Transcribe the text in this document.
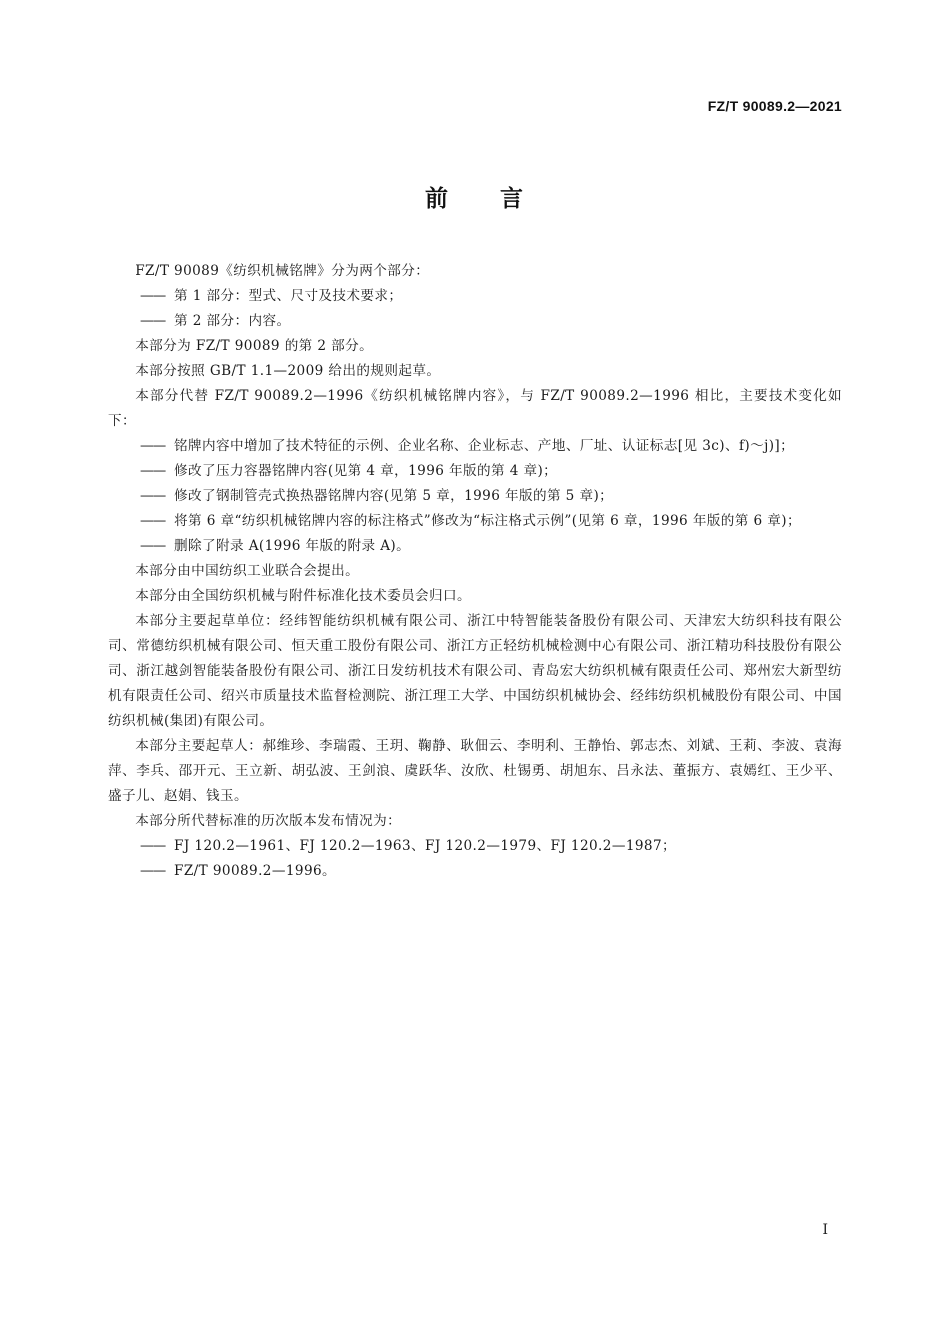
FZ/T 90089.2—2021
前 言

FZ/T 90089《纺织机械铭牌》分为两个部分：

—— 第 1 部分：型式、尺寸及技术要求；

—— 第 2 部分：内容。

本部分为 FZ/T 90089 的第 2 部分。

本部分按照 GB/T 1.1—2009 给出的规则起草。

本部分代替 FZ/T 90089.2—1996《纺织机械铭牌内容》，与 FZ/T 90089.2—1996 相比，主要技术变化如下：

—— 铭牌内容中增加了技术特征的示例、企业名称、企业标志、产地、厂址、认证标志[见 3c)、f)～j)]；

—— 修改了压力容器铭牌内容(见第 4 章，1996 年版的第 4 章)；

—— 修改了钢制管壳式换热器铭牌内容(见第 5 章，1996 年版的第 5 章)；

—— 将第 6 章“纺织机械铭牌内容的标注格式”修改为“标注格式示例”(见第 6 章，1996 年版的第 6 章)；

—— 删除了附录 A(1996 年版的附录 A)。

本部分由中国纺织工业联合会提出。

本部分由全国纺织机械与附件标准化技术委员会归口。

本部分主要起草单位：经纬智能纺织机械有限公司、浙江中特智能装备股份有限公司、天津宏大纺织科技有限公司、常德纺织机械有限公司、恒天重工股份有限公司、浙江方正轻纺机械检测中心有限公司、浙江精功科技股份有限公司、浙江越剑智能装备股份有限公司、浙江日发纺机技术有限公司、青岛宏大纺织机械有限责任公司、郑州宏大新型纺机有限责任公司、绍兴市质量技术监督检测院、浙江理工大学、中国纺织机械协会、经纬纺织机械股份有限公司、中国纺织机械(集团)有限公司。

本部分主要起草人：郝维珍、李瑞霞、王玥、鞠静、耿佃云、李明利、王静怡、郭志杰、刘斌、王莉、李波、袁海萍、李兵、邵开元、王立新、胡弘波、王剑浪、虞跃华、汝欣、杜锡勇、胡旭东、吕永法、董振方、袁嫣红、王少平、盛子儿、赵娟、钱玉。

本部分所代替标准的历次版本发布情况为：

—— FJ 120.2—1961、FJ 120.2—1963、FJ 120.2—1979、FJ 120.2—1987；

—— FZ/T 90089.2—1996。

I
